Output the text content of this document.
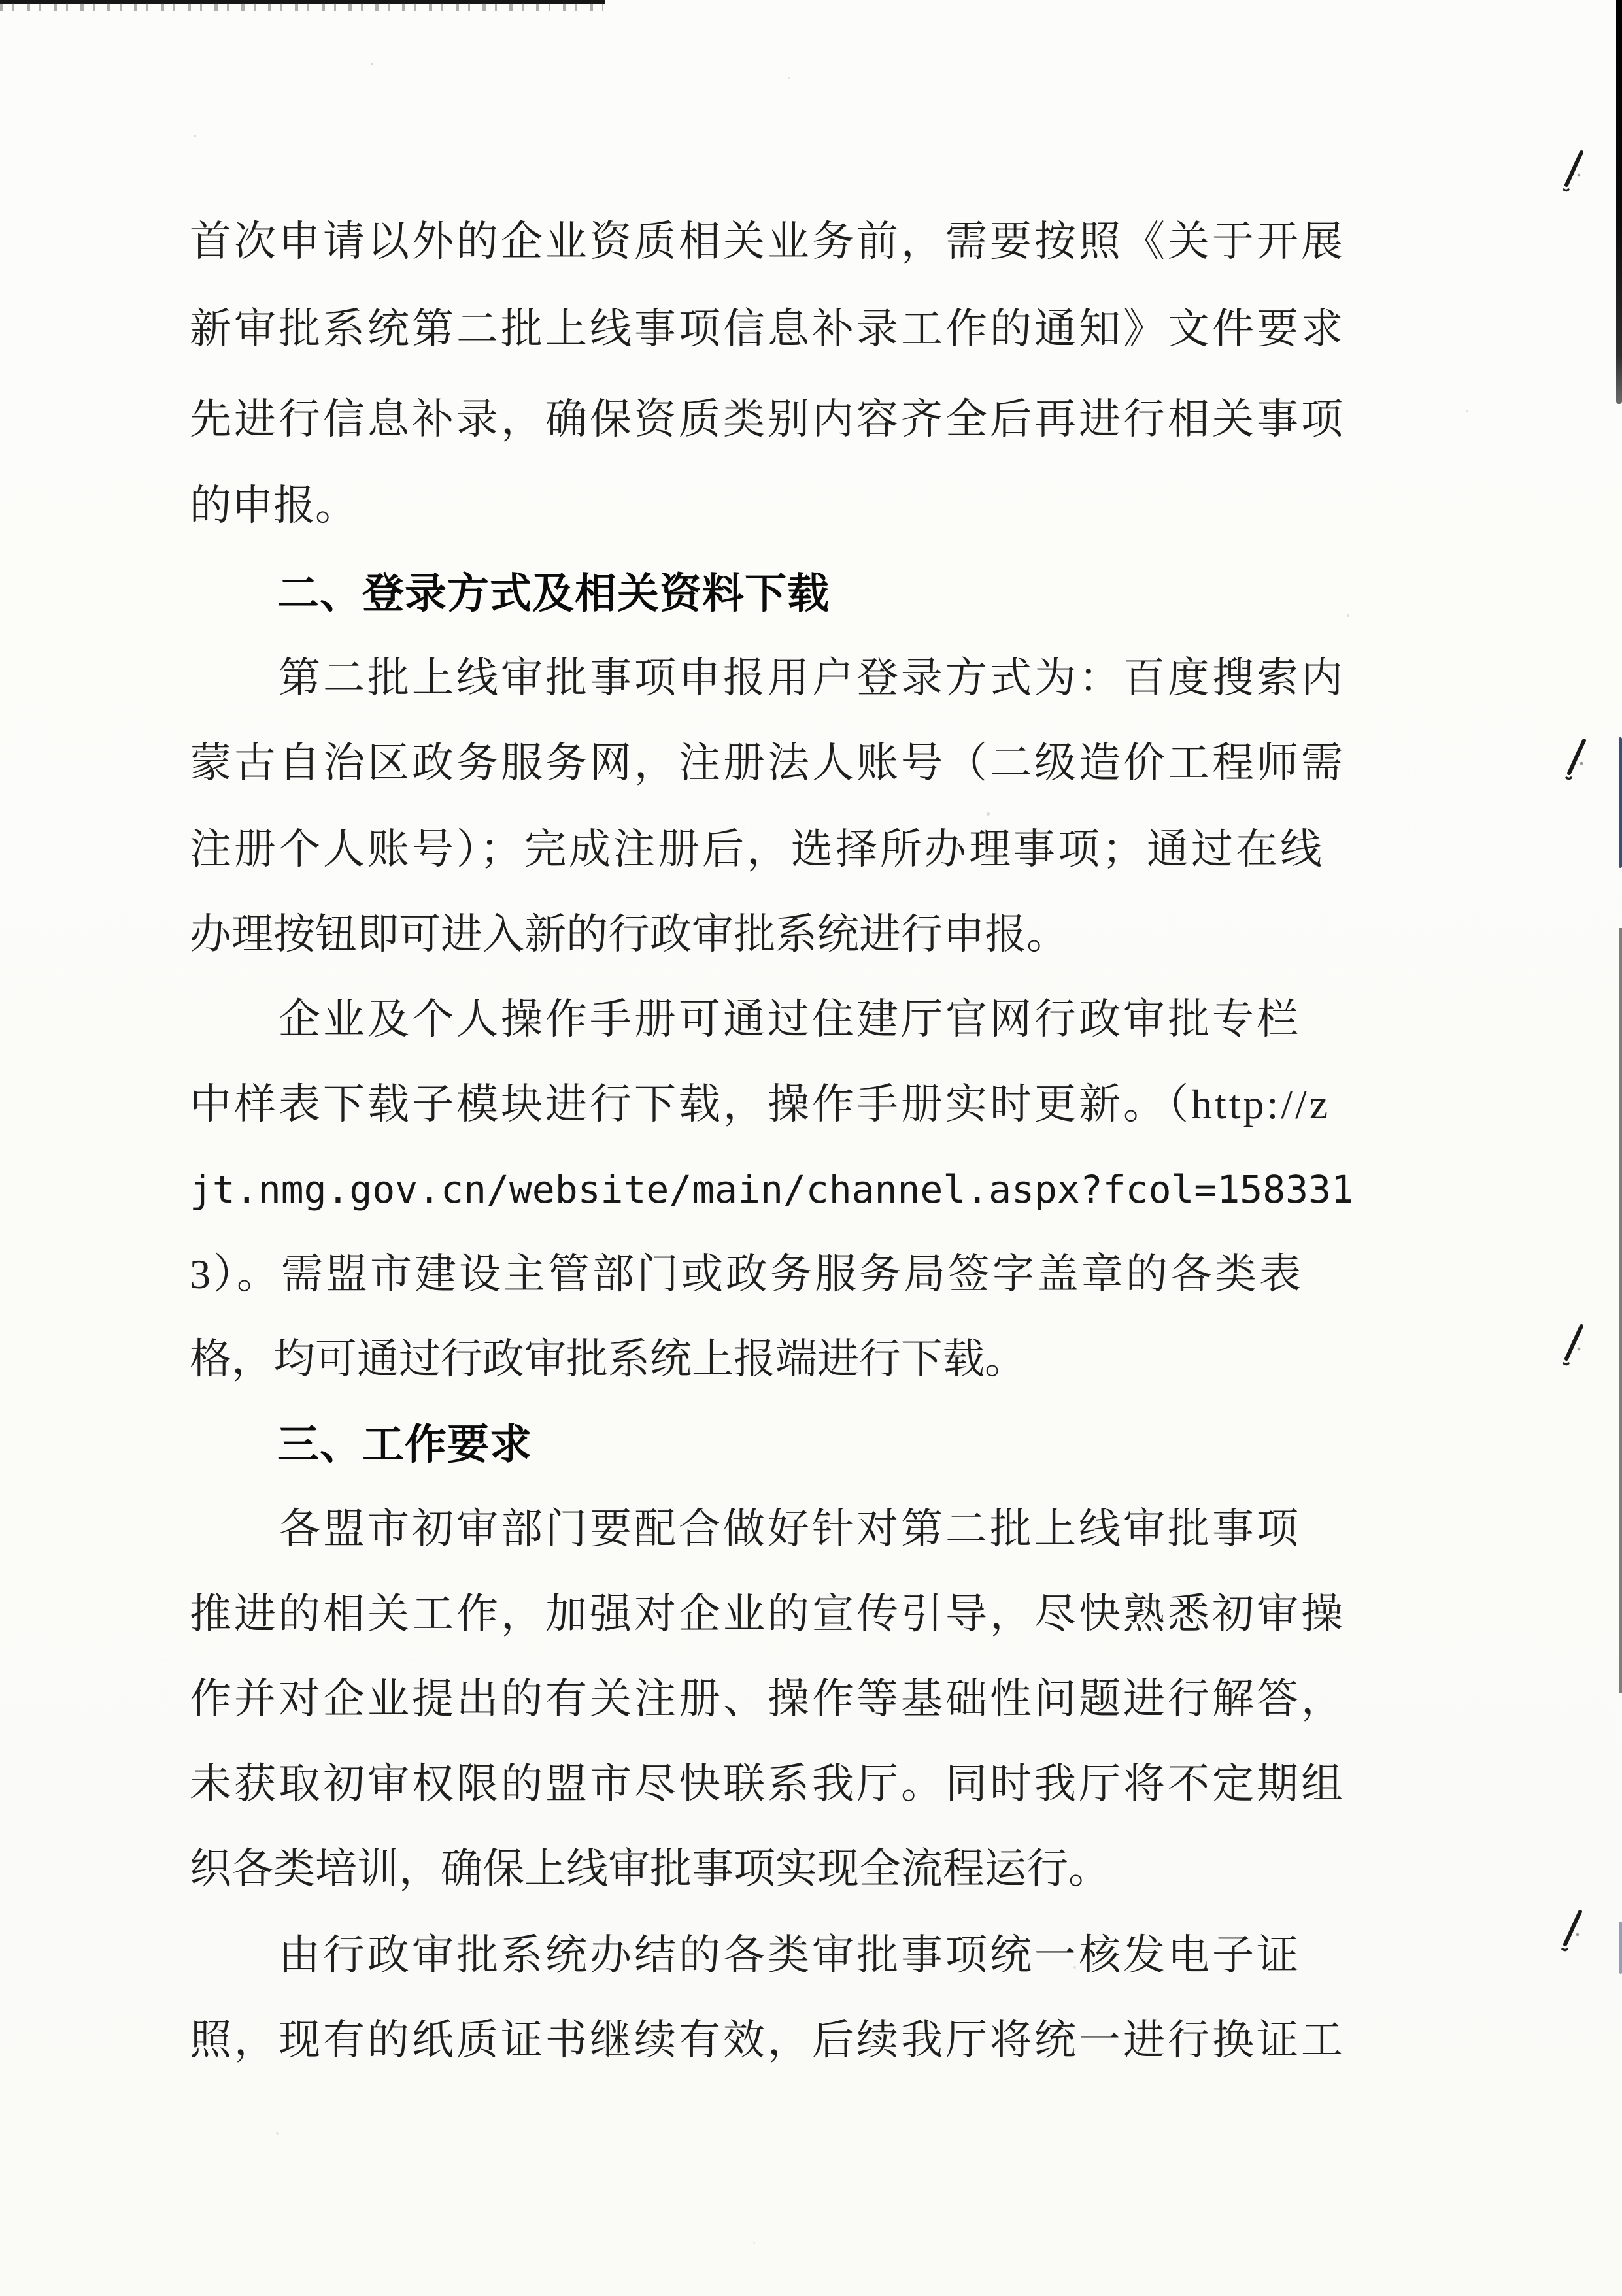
首次申请以外的企业资质相关业务前，需要按照《关于开展
新审批系统第二批上线事项信息补录工作的通知》文件要求
先进行信息补录，确保资质类别内容齐全后再进行相关事项
的申报。
二、登录方式及相关资料下载
第二批上线审批事项申报用户登录方式为：百度搜索内
蒙古自治区政务服务网，注册法人账号（二级造价工程师需
注册个人账号）；完成注册后，选择所办理事项；通过在线
办理按钮即可进入新的行政审批系统进行申报。
企业及个人操作手册可通过住建厅官网行政审批专栏
中样表下载子模块进行下载，操作手册实时更新。（http://z
jt.nmg.gov.cn/website/main/channel.aspx?fcol=158331
3）。需盟市建设主管部门或政务服务局签字盖章的各类表
格，均可通过行政审批系统上报端进行下载。
三、工作要求
各盟市初审部门要配合做好针对第二批上线审批事项
推进的相关工作，加强对企业的宣传引导，尽快熟悉初审操
作并对企业提出的有关注册、操作等基础性问题进行解答，
未获取初审权限的盟市尽快联系我厅。同时我厅将不定期组
织各类培训，确保上线审批事项实现全流程运行。
由行政审批系统办结的各类审批事项统一核发电子证
照，现有的纸质证书继续有效，后续我厅将统一进行换证工
